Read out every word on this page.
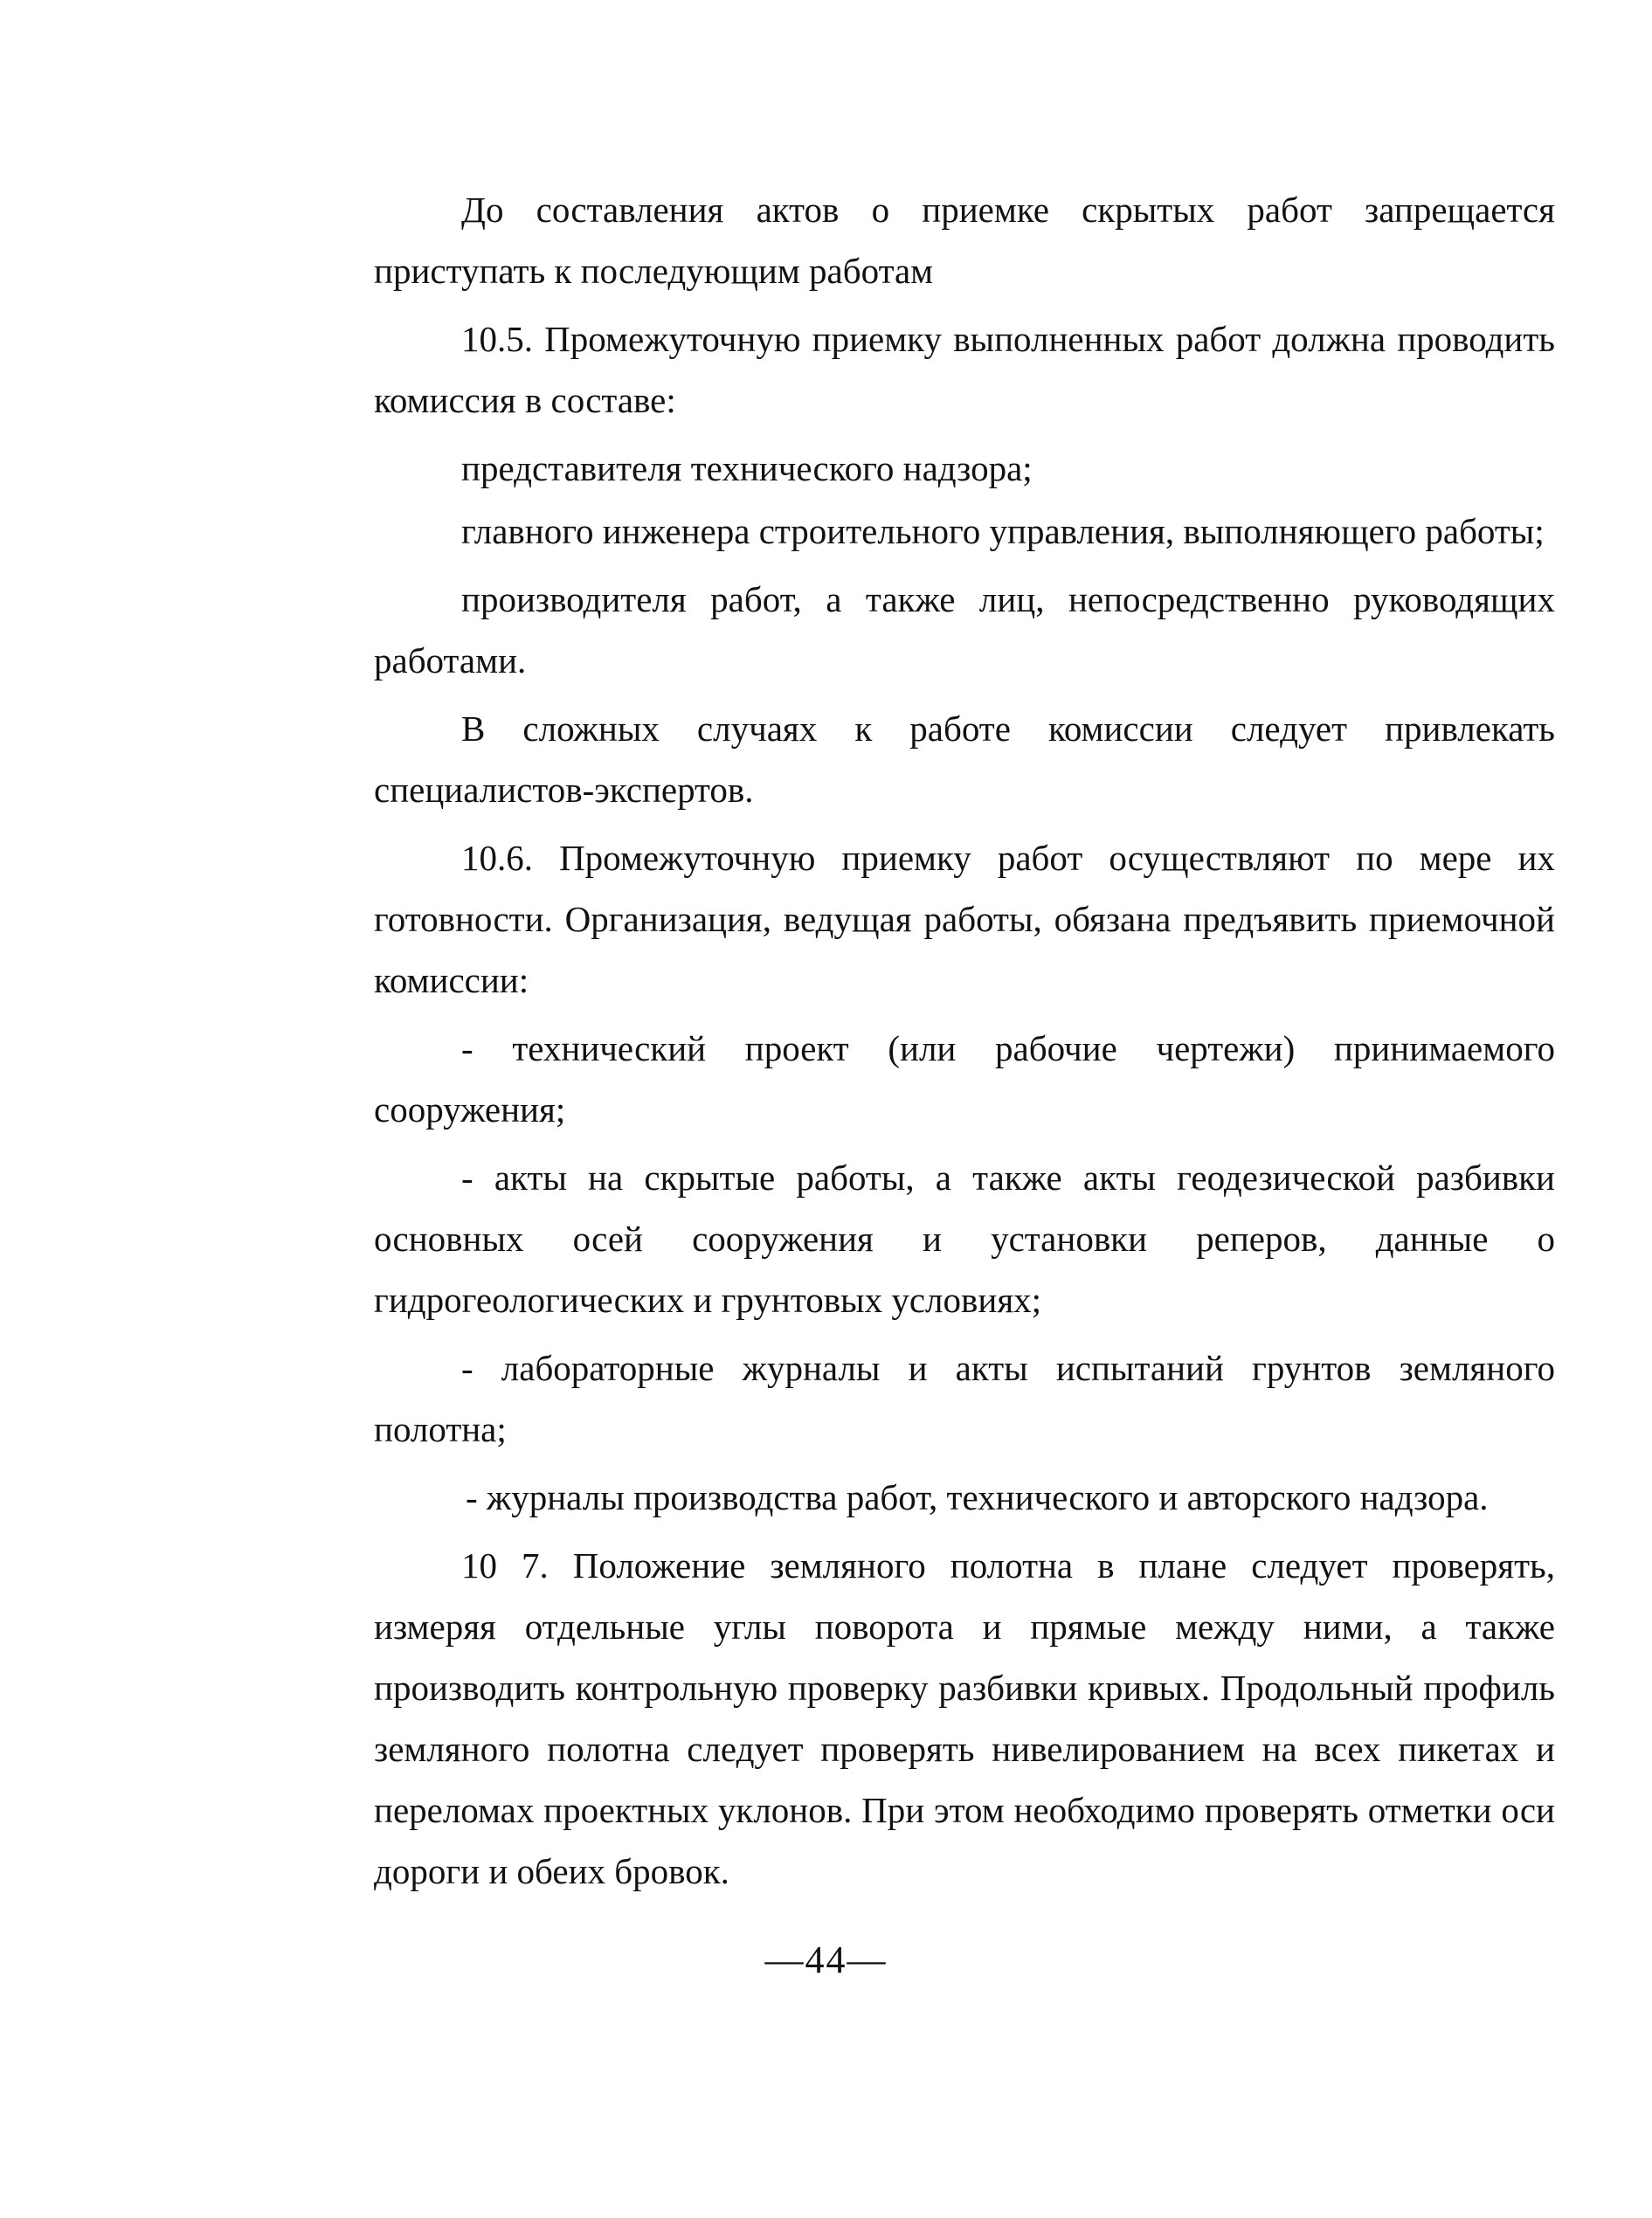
До составления актов о приемке скрытых работ запрещается приступать к последующим работам

10.5. Промежуточную приемку выполненных работ должна проводить комиссия в составе:

представителя технического надзора;

главного инженера строительного управления, выполняющего работы;

производителя работ, а также лиц, непосредственно руководящих работами.

В сложных случаях к работе комиссии следует привлекать специалистов-экспертов.

10.6. Промежуточную приемку работ осуществляют по мере их готовности. Организация, ведущая работы, обязана предъявить приемочной комиссии:

- технический проект (или рабочие чертежи) принимаемого сооружения;

- акты на скрытые работы, а также акты геодезической разбивки основных осей сооружения и установки реперов, данные о гидрогеологических и грунтовых условиях;

- лабораторные журналы и акты испытаний грунтов земляного полотна;

- журналы производства работ, технического и авторского надзора.

10 7. Положение земляного полотна в плане следует проверять, измеряя отдельные углы поворота и прямые между ними, а также производить контрольную проверку разбивки кривых. Продольный профиль земляного полотна следует проверять нивелированием на всех пикетах и переломах проектных уклонов. При этом необходимо проверять отметки оси дороги и обеих бровок.

—44—
